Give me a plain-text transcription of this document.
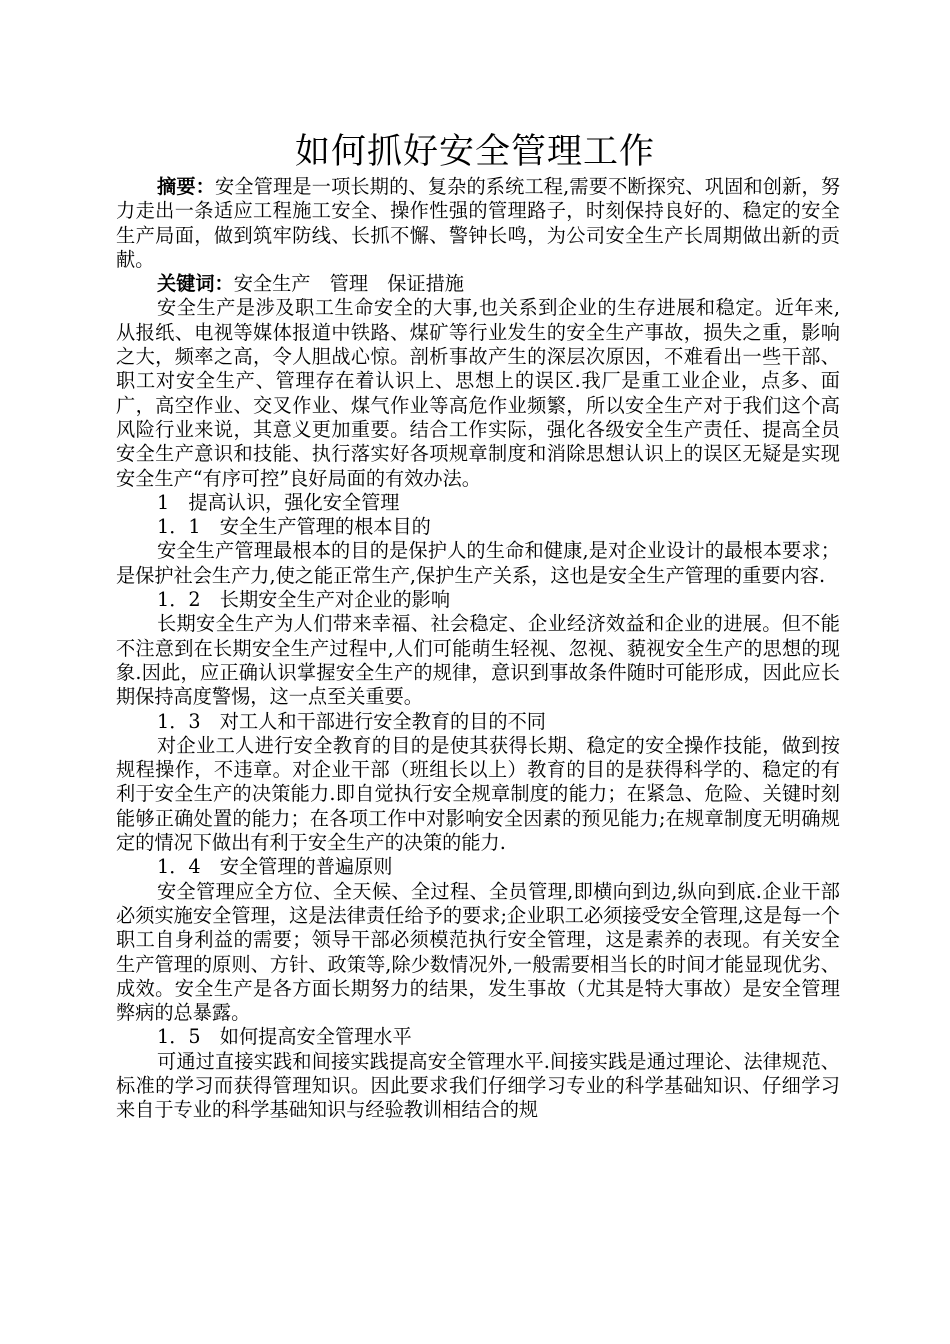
如何抓好安全管理工作

摘要：安全管理是一项长期的、复杂的系统工程,需要不断探究、巩固和创新，努力走出一条适应工程施工安全、操作性强的管理路子，时刻保持良好的、稳定的安全生产局面，做到筑牢防线、长抓不懈、警钟长鸣，为公司安全生产长周期做出新的贡献。

关键词：安全生产　管理　保证措施

安全生产是涉及职工生命安全的大事,也关系到企业的生存进展和稳定。近年来,从报纸、电视等媒体报道中铁路、煤矿等行业发生的安全生产事故，损失之重，影响之大，频率之高，令人胆战心惊。剖析事故产生的深层次原因，不难看出一些干部、职工对安全生产、管理存在着认识上、思想上的误区.我厂是重工业企业，点多、面广，高空作业、交叉作业、煤气作业等高危作业频繁，所以安全生产对于我们这个高风险行业来说，其意义更加重要。结合工作实际，强化各级安全生产责任、提高全员安全生产意识和技能、执行落实好各项规章制度和消除思想认识上的误区无疑是实现安全生产“有序可控”良好局面的有效办法。

1　提高认识，强化安全管理

1．1　安全生产管理的根本目的

安全生产管理最根本的目的是保护人的生命和健康,是对企业设计的最根本要求；是保护社会生产力,使之能正常生产,保护生产关系，这也是安全生产管理的重要内容.

1．2　长期安全生产对企业的影响

长期安全生产为人们带来幸福、社会稳定、企业经济效益和企业的进展。但不能不注意到在长期安全生产过程中,人们可能萌生轻视、忽视、藐视安全生产的思想的现象.因此，应正确认识掌握安全生产的规律，意识到事故条件随时可能形成，因此应长期保持高度警惕，这一点至关重要。

1．3　对工人和干部进行安全教育的目的不同

对企业工人进行安全教育的目的是使其获得长期、稳定的安全操作技能，做到按规程操作，不违章。对企业干部（班组长以上）教育的目的是获得科学的、稳定的有利于安全生产的决策能力.即自觉执行安全规章制度的能力；在紧急、危险、关键时刻能够正确处置的能力；在各项工作中对影响安全因素的预见能力;在规章制度无明确规定的情况下做出有利于安全生产的决策的能力.

1．4　安全管理的普遍原则

安全管理应全方位、全天候、全过程、全员管理,即横向到边,纵向到底.企业干部必须实施安全管理，这是法律责任给予的要求;企业职工必须接受安全管理,这是每一个职工自身利益的需要；领导干部必须模范执行安全管理，这是素养的表现。有关安全生产管理的原则、方针、政策等,除少数情况外,一般需要相当长的时间才能显现优劣、成效。安全生产是各方面长期努力的结果，发生事故（尤其是特大事故）是安全管理弊病的总暴露。

1．5　如何提高安全管理水平

可通过直接实践和间接实践提高安全管理水平.间接实践是通过理论、法律规范、标准的学习而获得管理知识。因此要求我们仔细学习专业的科学基础知识、仔细学习来自于专业的科学基础知识与经验教训相结合的规
